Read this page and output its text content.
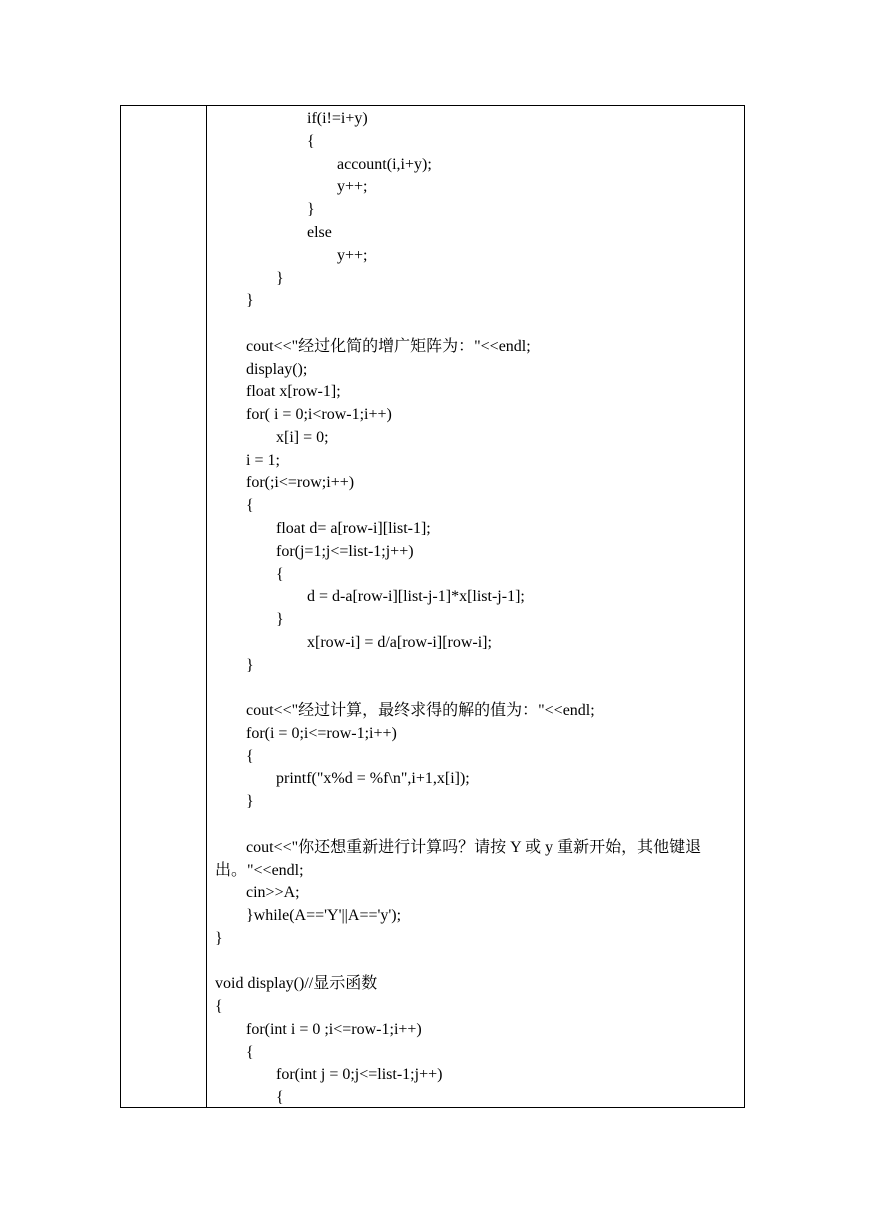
if(i!=i+y)
{
account(i,i+y);
y++;
}
else
y++;
}
}
cout<<"经过化简的增广矩阵为："<<endl;
display();
float x[row-1];
for( i = 0;i<row-1;i++)
x[i] = 0;
i = 1;
for(;i<=row;i++)
{
float d= a[row-i][list-1];
for(j=1;j<=list-1;j++)
{
d = d-a[row-i][list-j-1]*x[list-j-1];
}
x[row-i] = d/a[row-i][row-i];
}
cout<<"经过计算，最终求得的解的值为："<<endl;
for(i = 0;i<=row-1;i++)
{
printf("x%d = %f\n",i+1,x[i]);
}
cout<<"你还想重新进行计算吗？请按 Y 或 y 重新开始，其他键退
出。"<<endl;
cin>>A;
}while(A=='Y'||A=='y');
}
void display()//显示函数
{
for(int i = 0 ;i<=row-1;i++)
{
for(int j = 0;j<=list-1;j++)
{
